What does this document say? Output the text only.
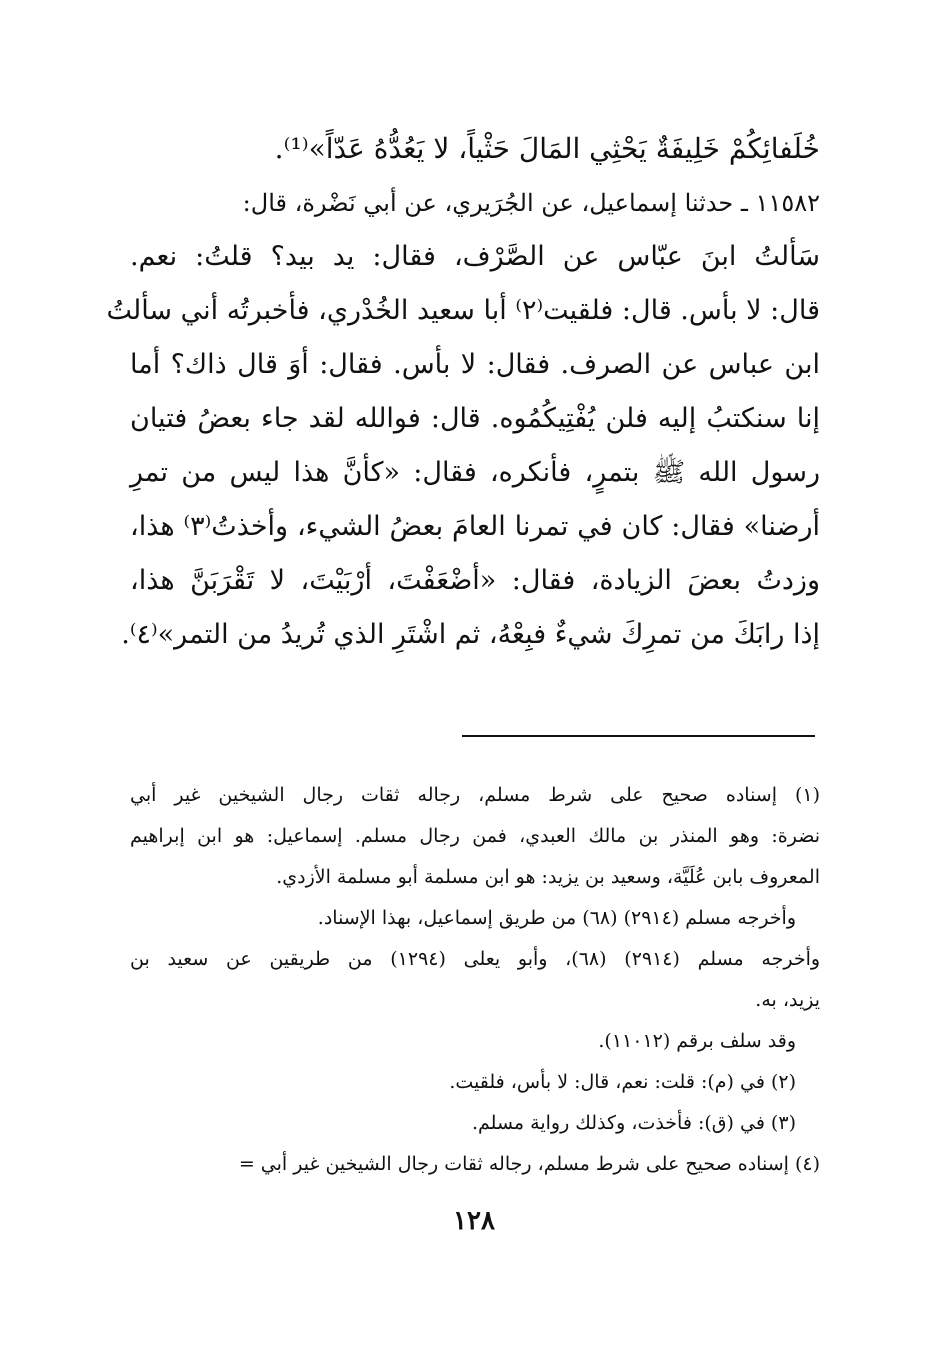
خُلَفائِكُمْ خَلِيفَةٌ يَحْثِي المَالَ حَثْياً، لا يَعُدُّهُ عَدّاً»⁽¹⁾.
١١٥٨٢ ـ حدثنا إسماعيل، عن الجُرَيري، عن أبي نَضْرة، قال:
سَألتُ ابنَ عبّاس عن الصَّرْف، فقال: يد بيد؟ قلتُ: نعم.
قال: لا بأس. قال: فلقيت⁽٢⁾ أبا سعيد الخُدْري، فأخبرتُه أني سألتُ
ابن عباس عن الصرف. فقال: لا بأس. فقال: أوَ قال ذاك؟ أما
إنا سنكتبُ إليه فلن يُفْتِيكُمُوه. قال: فوالله لقد جاء بعضُ فتيان
رسول الله ﷺ بتمرٍ، فأنكره، فقال: «كأنَّ هذا ليس من تمرِ
أرضنا» فقال: كان في تمرنا العامَ بعضُ الشيء، وأخذتُ⁽٣⁾ هذا،
وزدتُ بعضَ الزيادة، فقال: «أضْعَفْتَ، أرْبَيْتَ، لا تَقْرَبَنَّ هذا،
إذا رابَكَ من تمرِكَ شيءٌ فبِعْهُ، ثم اشْتَرِ الذي تُريدُ من التمر»⁽٤⁾.
(١) إسناده صحيح على شرط مسلم، رجاله ثقات رجال الشيخين غير أبي
نضرة: وهو المنذر بن مالك العبدي، فمن رجال مسلم. إسماعيل: هو ابن إبراهيم
المعروف بابن عُلَيَّة، وسعيد بن يزيد: هو ابن مسلمة أبو مسلمة الأزدي.
وأخرجه مسلم (٢٩١٤) (٦٨) من طريق إسماعيل، بهذا الإسناد.
وأخرجه مسلم (٢٩١٤) (٦٨)، وأبو يعلى (١٢٩٤) من طريقين عن سعيد بن
يزيد، به.
وقد سلف برقم (١١٠١٢).
(٢) في (م): قلت: نعم، قال: لا بأس، فلقيت.
(٣) في (ق): فأخذت، وكذلك رواية مسلم.
(٤) إسناده صحيح على شرط مسلم، رجاله ثقات رجال الشيخين غير أبي =
١٢٨
